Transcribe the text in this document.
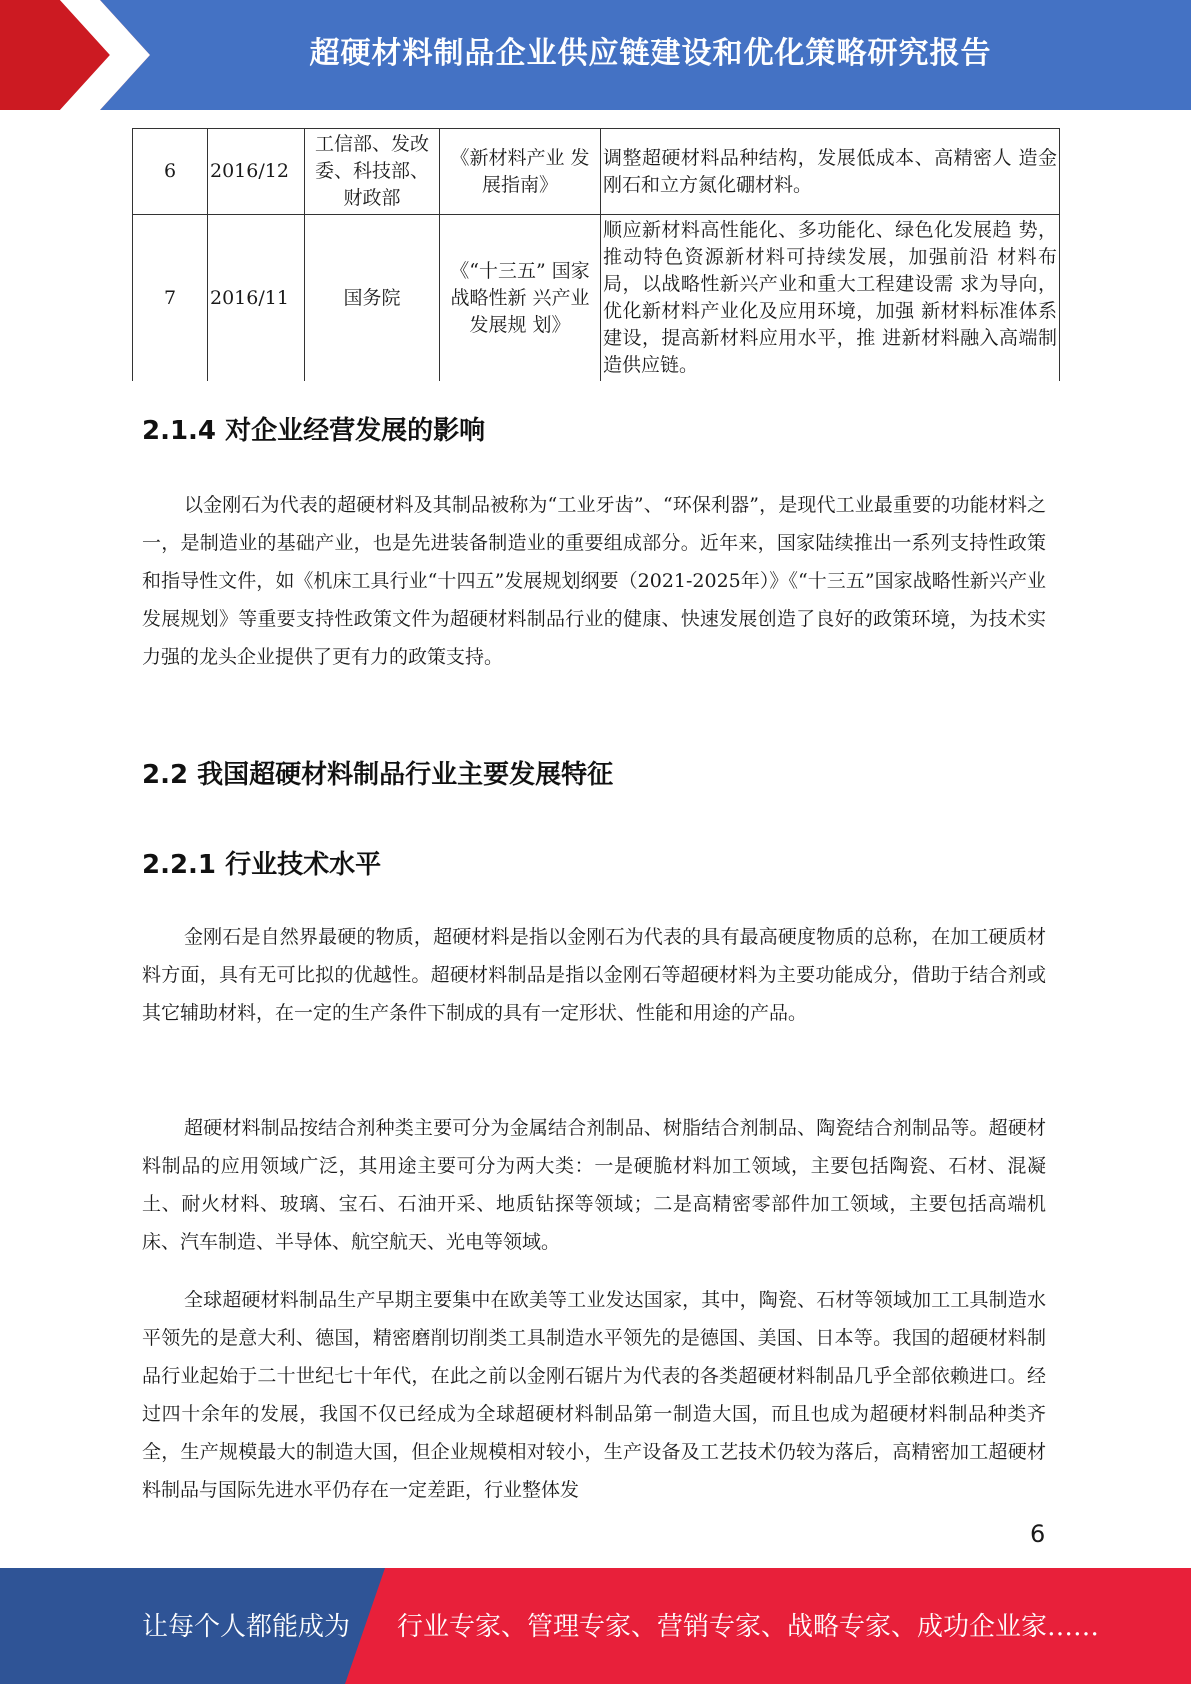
超硬材料制品企业供应链建设和优化策略研究报告
6	2016/12	工信部、发改委、科技部、财政部	《新材料产业 发展指南》	调整超硬材料品种结构，发展低成本、高精密人 造金刚石和立方氮化硼材料。
7	2016/11	国务院	《“十三五” 国家战略性新 兴产业发展规 划》	顺应新材料高性能化、多功能化、绿色化发展趋 势，推动特色资源新材料可持续发展，加强前沿 材料布局，以战略性新兴产业和重大工程建设需 求为导向，优化新材料产业化及应用环境，加强 新材料标准体系建设，提高新材料应用水平，推 进新材料融入高端制造供应链。
2.1.4 对企业经营发展的影响

以金刚石为代表的超硬材料及其制品被称为“工业牙齿”、“环保利器”，是现代工业最重要的功能材料之一，是制造业的基础产业，也是先进装备制造业的重要组成部分。近年来，国家陆续推出一系列支持性政策和指导性文件，如《机床工具行业“十四五”发展规划纲要（2021-2025年）》《“十三五”国家战略性新兴产业发展规划》等重要支持性政策文件为超硬材料制品行业的健康、快速发展创造了良好的政策环境，为技术实力强的龙头企业提供了更有力的政策支持。

2.2 我国超硬材料制品行业主要发展特征
2.2.1 行业技术水平

金刚石是自然界最硬的物质，超硬材料是指以金刚石为代表的具有最高硬度物质的总称，在加工硬质材料方面，具有无可比拟的优越性。超硬材料制品是指以金刚石等超硬材料为主要功能成分，借助于结合剂或其它辅助材料，在一定的生产条件下制成的具有一定形状、性能和用途的产品。

超硬材料制品按结合剂种类主要可分为金属结合剂制品、树脂结合剂制品、陶瓷结合剂制品等。超硬材料制品的应用领域广泛，其用途主要可分为两大类：一是硬脆材料加工领域，主要包括陶瓷、石材、混凝土、耐火材料、玻璃、宝石、石油开采、地质钻探等领域；二是高精密零部件加工领域，主要包括高端机床、汽车制造、半导体、航空航天、光电等领域。

全球超硬材料制品生产早期主要集中在欧美等工业发达国家，其中，陶瓷、石材等领域加工工具制造水平领先的是意大利、德国，精密磨削切削类工具制造水平领先的是德国、美国、日本等。我国的超硬材料制品行业起始于二十世纪七十年代，在此之前以金刚石锯片为代表的各类超硬材料制品几乎全部依赖进口。经过四十余年的发展，我国不仅已经成为全球超硬材料制品第一制造大国，而且也成为超硬材料制品种类齐全，生产规模最大的制造大国，但企业规模相对较小，生产设备及工艺技术仍较为落后，高精密加工超硬材料制品与国际先进水平仍存在一定差距，行业整体发

6
让每个人都能成为 行业专家、管理专家、营销专家、战略专家、成功企业家……
